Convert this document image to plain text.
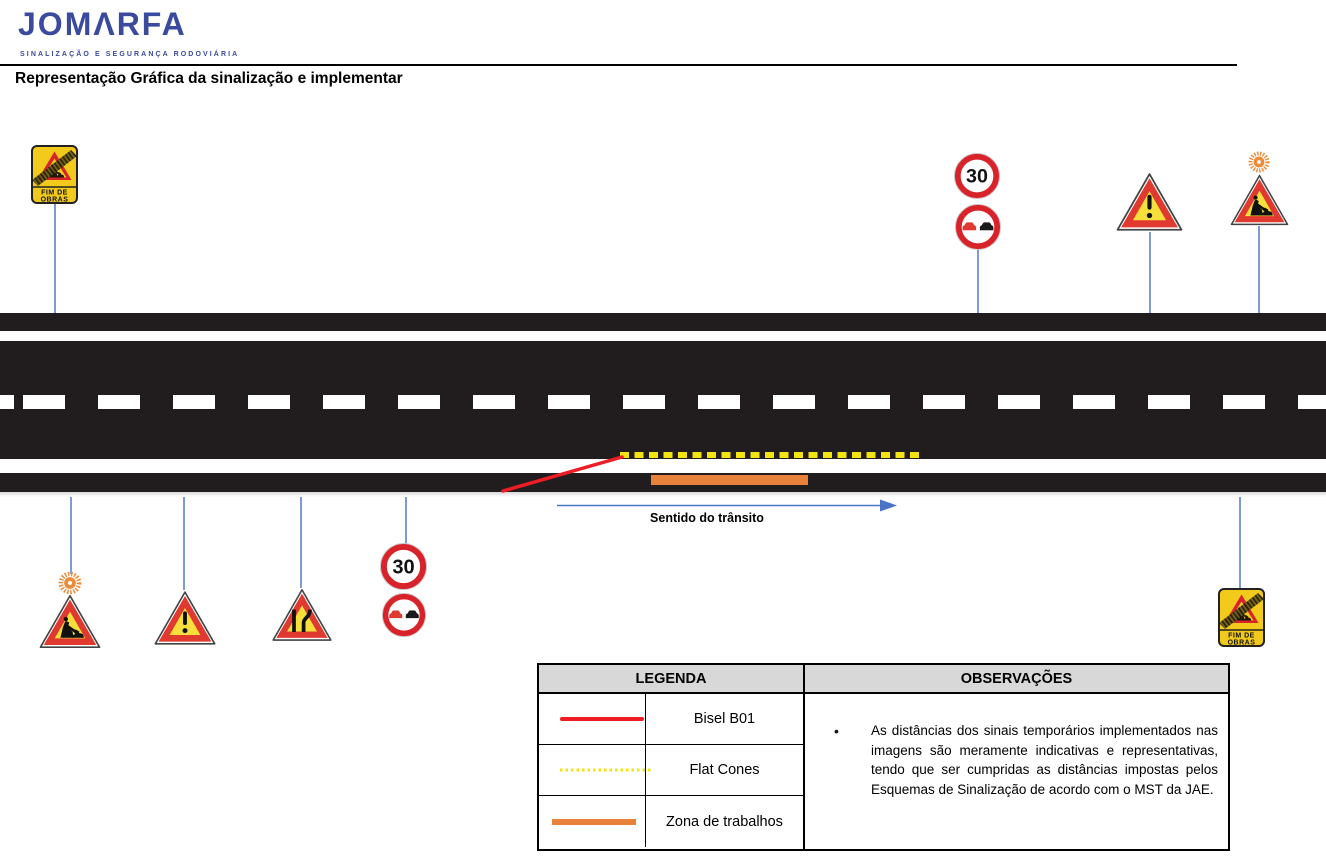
JOMΛRFA
SINALIZAÇÃO E SEGURANÇA RODOVIÁRIA
Representação Gráfica da sinalização e implementar
Sentido do trânsito
FIM DE
OBRAS
30
30
FIM DE
OBRAS
LEGENDA
Bisel B01
Flat Cones
Zona de trabalhos
OBSERVAÇÕES
• As distâncias dos sinais temporários implementados nas imagens são meramente indicativas e representativas, tendo que ser cumpridas as distâncias impostas pelos Esquemas de Sinalização de acordo com o MST da JAE.
